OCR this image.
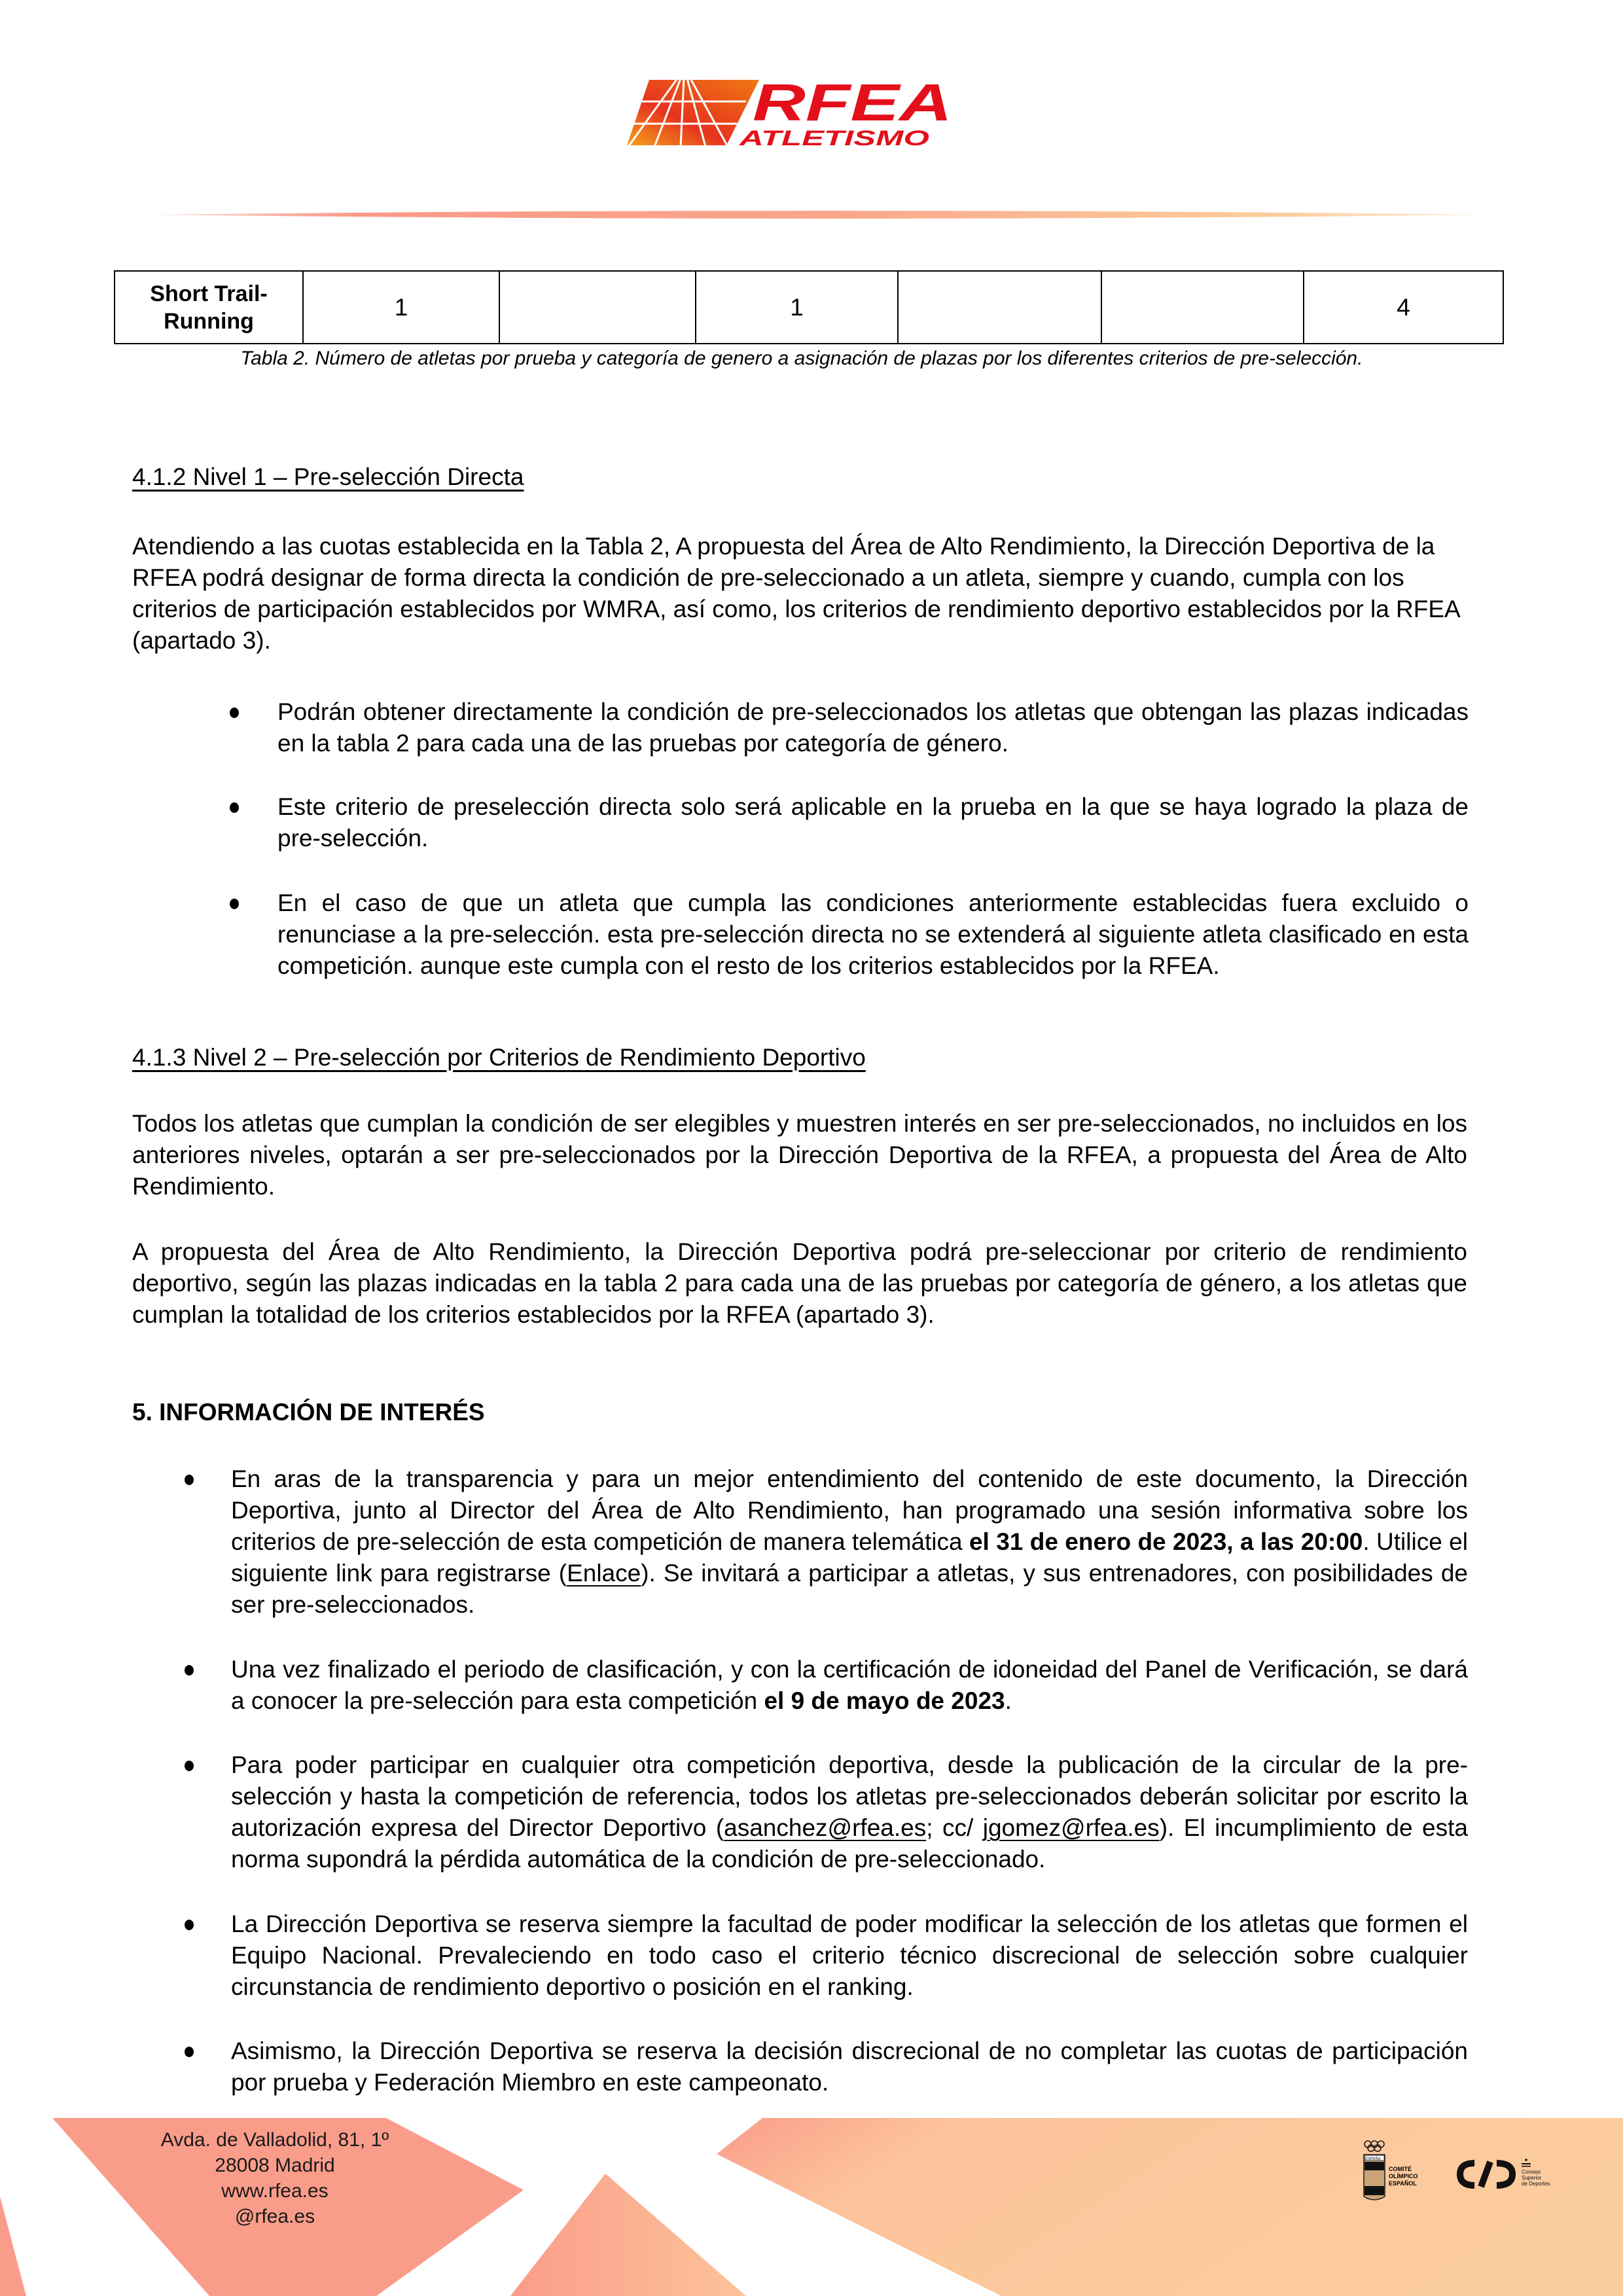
RFEA
ATLETISMO
Short Trail-Running	1		1			4
Tabla 2. Número de atletas por prueba y categoría de genero a asignación de plazas por los diferentes criterios de pre-selección.
4.1.2 Nivel 1 – Pre-selección Directa
Atendiendo a las cuotas establecida en la Tabla 2, A propuesta del Área de Alto Rendimiento, la Dirección Deportiva de la RFEA podrá designar de forma directa la condición de pre-seleccionado a un atleta, siempre y cuando, cumpla con los criterios de participación establecidos por WMRA, así como, los criterios de rendimiento deportivo establecidos por la RFEA (apartado 3).
Podrán obtener directamente la condición de pre-seleccionados los atletas que obtengan las plazas indicadas en la tabla 2 para cada una de las pruebas por categoría de género.
Este criterio de preselección directa solo será aplicable en la prueba en la que se haya logrado la plaza de pre-selección.
En el caso de que un atleta que cumpla las condiciones anteriormente establecidas fuera excluido o renunciase a la pre-selección. esta pre-selección directa no se extenderá al siguiente atleta clasificado en esta competición. aunque este cumpla con el resto de los criterios establecidos por la RFEA.
4.1.3 Nivel 2 – Pre-selección por Criterios de Rendimiento Deportivo
Todos los atletas que cumplan la condición de ser elegibles y muestren interés en ser pre-seleccionados, no incluidos en los anteriores niveles, optarán a ser pre-seleccionados por la Dirección Deportiva de la RFEA, a propuesta del Área de Alto Rendimiento.
A propuesta del Área de Alto Rendimiento, la Dirección Deportiva podrá pre-seleccionar por criterio de rendimiento deportivo, según las plazas indicadas en la tabla 2 para cada una de las pruebas por categoría de género, a los atletas que cumplan la totalidad de los criterios establecidos por la RFEA (apartado 3).
5. INFORMACIÓN DE INTERÉS
En aras de la transparencia y para un mejor entendimiento del contenido de este documento, la Dirección Deportiva, junto al Director del Área de Alto Rendimiento, han programado una sesión informativa sobre los criterios de pre-selección de esta competición de manera telemática el 31 de enero de 2023, a las 20:00. Utilice el siguiente link para registrarse (Enlace). Se invitará a participar a atletas, y sus entrenadores, con posibilidades de ser pre-seleccionados.
Una vez finalizado el periodo de clasificación, y con la certificación de idoneidad del Panel de Verificación, se dará a conocer la pre-selección para esta competición el 9 de mayo de 2023.
Para poder participar en cualquier otra competición deportiva, desde la publicación de la circular de la pre-selección y hasta la competición de referencia, todos los atletas pre-seleccionados deberán solicitar por escrito la autorización expresa del Director Deportivo (asanchez@rfea.es; cc/ jgomez@rfea.es). El incumplimiento de esta norma supondrá la pérdida automática de la condición de pre-seleccionado.
La Dirección Deportiva se reserva siempre la facultad de poder modificar la selección de los atletas que formen el Equipo Nacional. Prevaleciendo en todo caso el criterio técnico discrecional de selección sobre cualquier circunstancia de rendimiento deportivo o posición en el ranking.
Asimismo, la Dirección Deportiva se reserva la decisión discrecional de no completar las cuotas de participación por prueba y Federación Miembro en este campeonato.
Avda. de Valladolid, 81, 1º
28008 Madrid
www.rfea.es
@rfea.es
ESPAÑA
COMITÉ
OLÍMPICO
ESPAÑOL
Consejo
Superior
de Deportes
